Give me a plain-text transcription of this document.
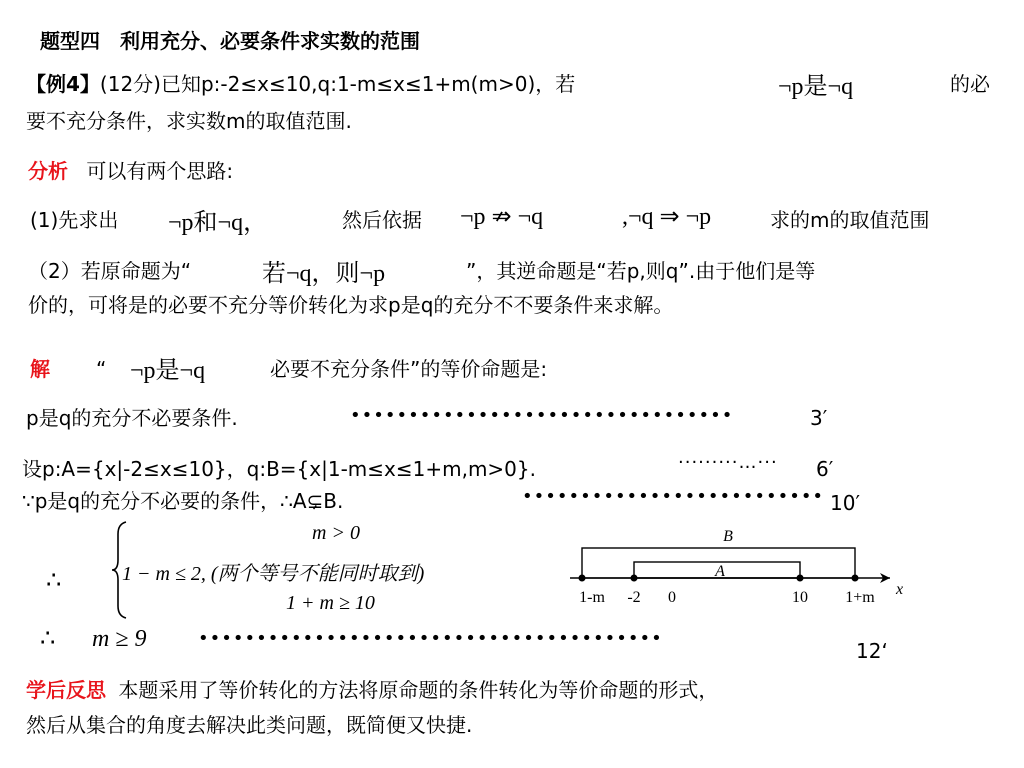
题型四　利用充分、必要条件求实数的范围
【例4】(12分)已知p:-2≤x≤10,q:1-m≤x≤1+m(m>0)，若	¬p是¬q	的必
要不充分条件，求实数m的取值范围.
分析 可以有两个思路:
(1)先求出 ¬p和¬q，	然后依据 ¬p ⇏ ¬q	,¬q ⇒ ¬p	求的m的取值范围
（2）若原命题为“	若¬q，则¬p	”，其逆命题是“若p,则q”.由于他们是等
价的，可将是的必要不充分等价转化为求p是q的充分不不要条件来求解。
解 “ ¬p是¬q	必要不充分条件”的等价命题是:
p是q的充分不必要条件.	•••••••••••••••••••••••••••••••••	3′
设p:A={x|-2≤x≤10}，q:B={x|1-m≤x≤1+m,m>0}.	·········…··· 6′
∵p是q的充分不必要的条件，∴A⊊B.	•••••••••••••••••••••••••• 10′
∴
m > 0
1 − m ≤ 2, (两个等号不能同时取到)
1 + m ≥ 10
B
A
x
1-m -2 0	10 1+m
∴ m ≥ 9	••••••••••••••••••••••••••••••••••••••••
12‘
学后反思 本题采用了等价转化的方法将原命题的条件转化为等价命题的形式，
然后从集合的角度去解决此类问题，既简便又快捷.
